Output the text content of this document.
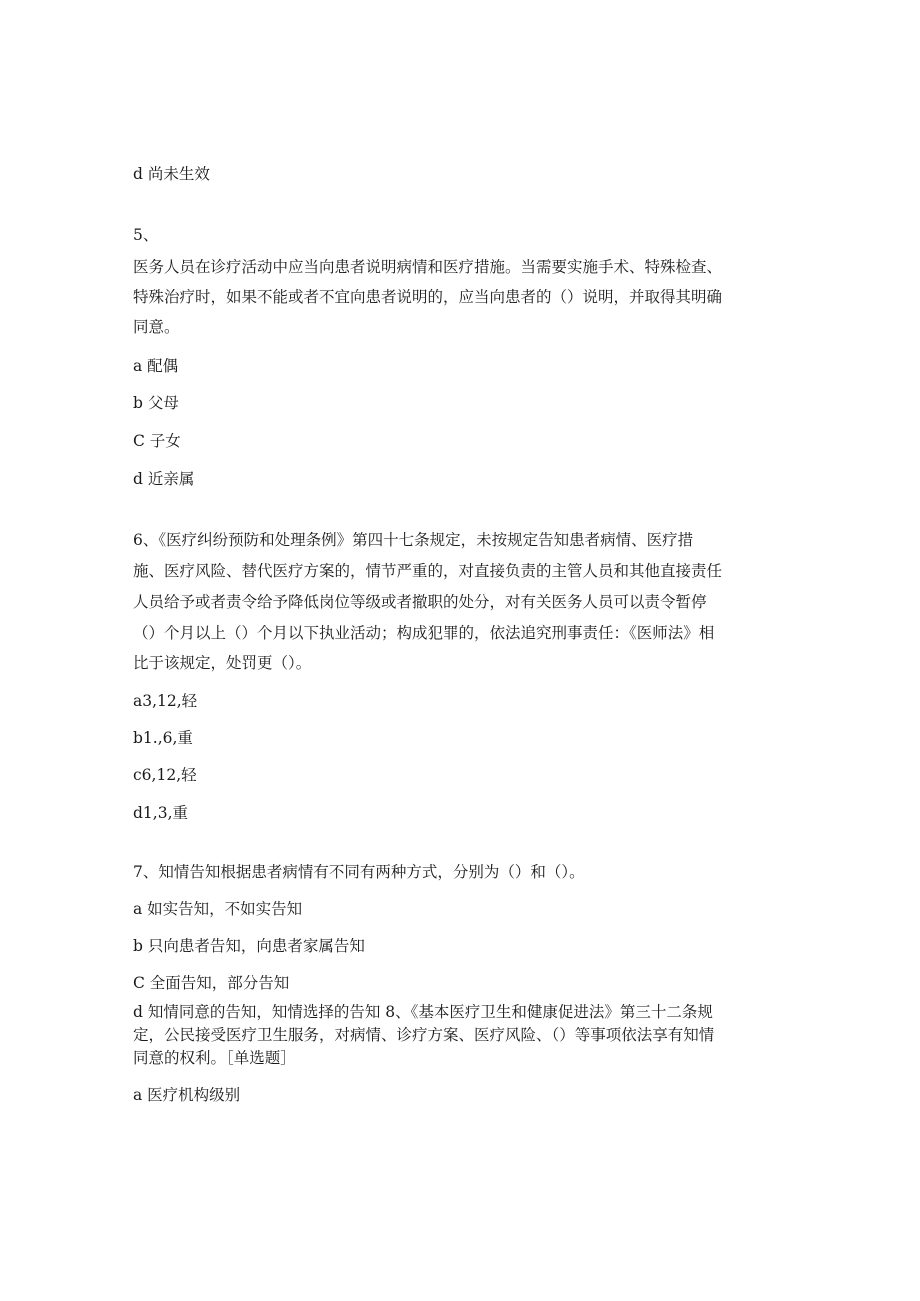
d 尚未生效
5、
医务人员在诊疗活动中应当向患者说明病情和医疗措施。当需要实施手术、特殊检查、
特殊治疗时，如果不能或者不宜向患者说明的，应当向患者的（）说明，并取得其明确
同意。
a 配偶
b 父母
C 子女
d 近亲属
6、《医疗纠纷预防和处理条例》第四十七条规定，未按规定告知患者病情、医疗措
施、医疗风险、替代医疗方案的，情节严重的，对直接负责的主管人员和其他直接责任
人员给予或者责令给予降低岗位等级或者撤职的处分，对有关医务人员可以责令暂停
（）个月以上（）个月以下执业活动；构成犯罪的，依法追究刑事责任：《医师法》相
比于该规定，处罚更（）。
a3,12,轻
b1.,6,重
c6,12,轻
d1,3,重
7、知情告知根据患者病情有不同有两种方式，分别为（）和（）。
a 如实告知，不如实告知
b 只向患者告知，向患者家属告知
C 全面告知，部分告知
d 知情同意的告知，知情选择的告知 8、《基本医疗卫生和健康促进法》第三十二条规
定，公民接受医疗卫生服务，对病情、诊疗方案、医疗风险、（）等事项依法享有知情
同意的权利。［单选题］
a 医疗机构级别
